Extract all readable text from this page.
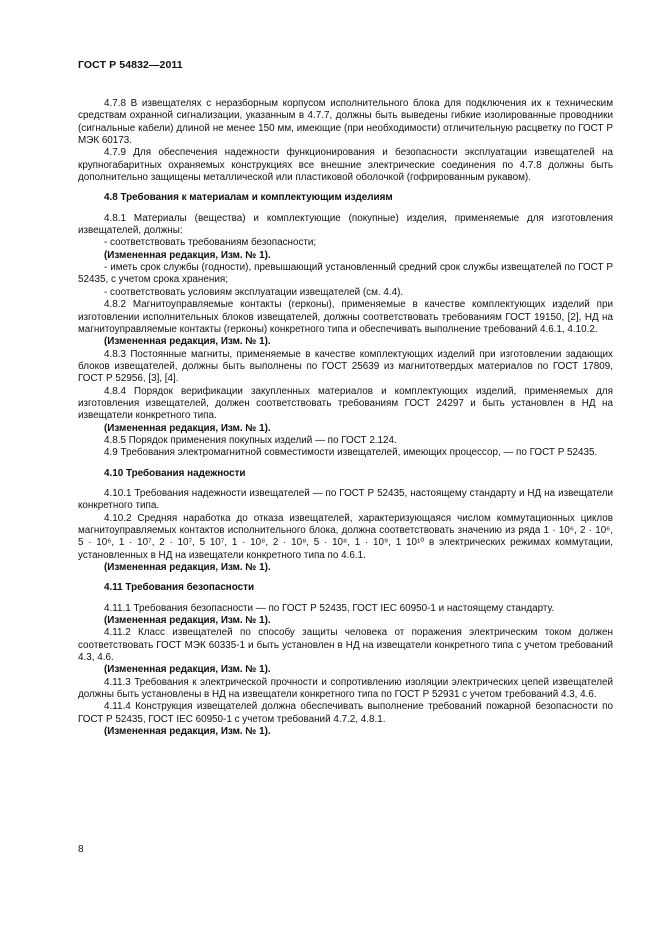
ГОСТ Р 54832—2011

4.7.8 В извещателях с неразборным корпусом исполнительного блока для подключения их к техническим средствам охранной сигнализации, указанным в 4.7.7, должны быть выведены гибкие изолированные проводники (сигнальные кабели) длиной не менее 150 мм, имеющие (при необходимости) отличительную расцветку по ГОСТ Р МЭК 60173.

4.7.9 Для обеспечения надежности функционирования и безопасности эксплуатации извещателей на крупногабаритных охраняемых конструкциях все внешние электрические соединения по 4.7.8 должны быть дополнительно защищены металлической или пластиковой оболочкой (гофрированным рукавом).

4.8 Требования к материалам и комплектующим изделиям

4.8.1 Материалы (вещества) и комплектующие (покупные) изделия, применяемые для изготовления извещателей, должны:

- соответствовать требованиям безопасности;

(Измененная редакция, Изм. № 1).

- иметь срок службы (годности), превышающий установленный средний срок службы извещателей по ГОСТ Р 52435, с учетом срока хранения;

- соответствовать условиям эксплуатации извещателей (см. 4.4).

4.8.2 Магнитоуправляемые контакты (герконы), применяемые в качестве комплектующих изделий при изготовлении исполнительных блоков извещателей, должны соответствовать требованиям ГОСТ 19150, [2], НД на магнитоуправляемые контакты (герконы) конкретного типа и обеспечивать выполнение требований 4.6.1, 4.10.2.

(Измененная редакция, Изм. № 1).

4.8.3 Постоянные магниты, применяемые в качестве комплектующих изделий при изготовлении задающих блоков извещателей, должны быть выполнены по ГОСТ 25639 из магнитотвердых материалов по ГОСТ 17809, ГОСТ Р 52956, [3], [4].

4.8.4 Порядок верификации закупленных материалов и комплектующих изделий, применяемых для изготовления извещателей, должен соответствовать требованиям ГОСТ 24297 и быть установлен в НД на извещатели конкретного типа.

(Измененная редакция, Изм. № 1).

4.8.5 Порядок применения покупных изделий — по ГОСТ 2.124.

4.9 Требования электромагнитной совместимости извещателей, имеющих процессор, — по ГОСТ Р 52435.

4.10 Требования надежности

4.10.1 Требования надежности извещателей — по ГОСТ Р 52435, настоящему стандарту и НД на извещатели конкретного типа.

4.10.2 Средняя наработка до отказа извещателей, характеризующаяся числом коммутационных циклов магнитоуправляемых контактов исполнительного блока, должна соответствовать значению из ряда 1 · 10⁶, 2 · 10⁶, 5 · 10⁶, 1 · 10⁷, 2 · 10⁷, 5 10⁷, 1 · 10⁸, 2 · 10⁸, 5 · 10⁸, 1 · 10⁹, 1 10¹⁰ в электрических режимах коммутации, установленных в НД на извещатели конкретного типа по 4.6.1.

(Измененная редакция, Изм. № 1).

4.11 Требования безопасности

4.11.1 Требования безопасности — по ГОСТ Р 52435, ГОСТ IEC 60950-1 и настоящему стандарту.

(Измененная редакция, Изм. № 1).

4.11.2 Класс извещателей по способу защиты человека от поражения электрическим током должен соответствовать ГОСТ МЭК 60335-1 и быть установлен в НД на извещатели конкретного типа с учетом требований 4.3, 4.6.

(Измененная редакция, Изм. № 1).

4.11.3 Требования к электрической прочности и сопротивлению изоляции электрических цепей извещателей должны быть установлены в НД на извещатели конкретного типа по ГОСТ Р 52931 с учетом требований 4.3, 4.6.

4.11.4 Конструкция извещателей должна обеспечивать выполнение требований пожарной безопасности по ГОСТ Р 52435, ГОСТ IEC 60950-1 с учетом требований 4.7.2, 4.8.1.

(Измененная редакция, Изм. № 1).

8
